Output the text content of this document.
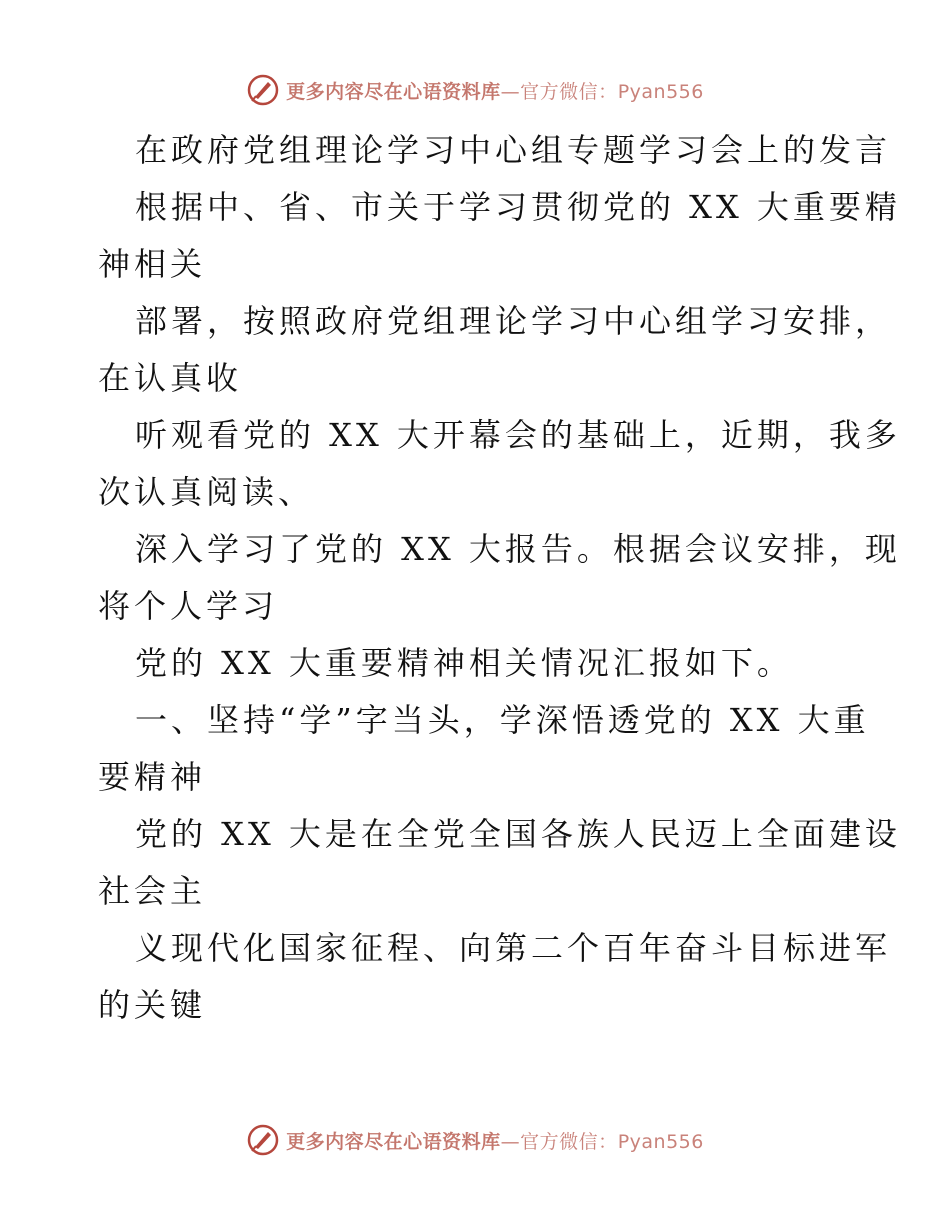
更多内容尽在心语资料库—官方微信：Pyan556
在政府党组理论学习中心组专题学习会上的发言
根据中、省、市关于学习贯彻党的 XX 大重要精
神相关
部署，按照政府党组理论学习中心组学习安排，
在认真收
听观看党的 XX 大开幕会的基础上，近期，我多
次认真阅读、
深入学习了党的 XX 大报告。根据会议安排，现
将个人学习
党的 XX 大重要精神相关情况汇报如下。
一、坚持“学”字当头，学深悟透党的 XX 大重
要精神
党的 XX 大是在全党全国各族人民迈上全面建设
社会主
义现代化国家征程、向第二个百年奋斗目标进军
的关键
更多内容尽在心语资料库—官方微信：Pyan556
